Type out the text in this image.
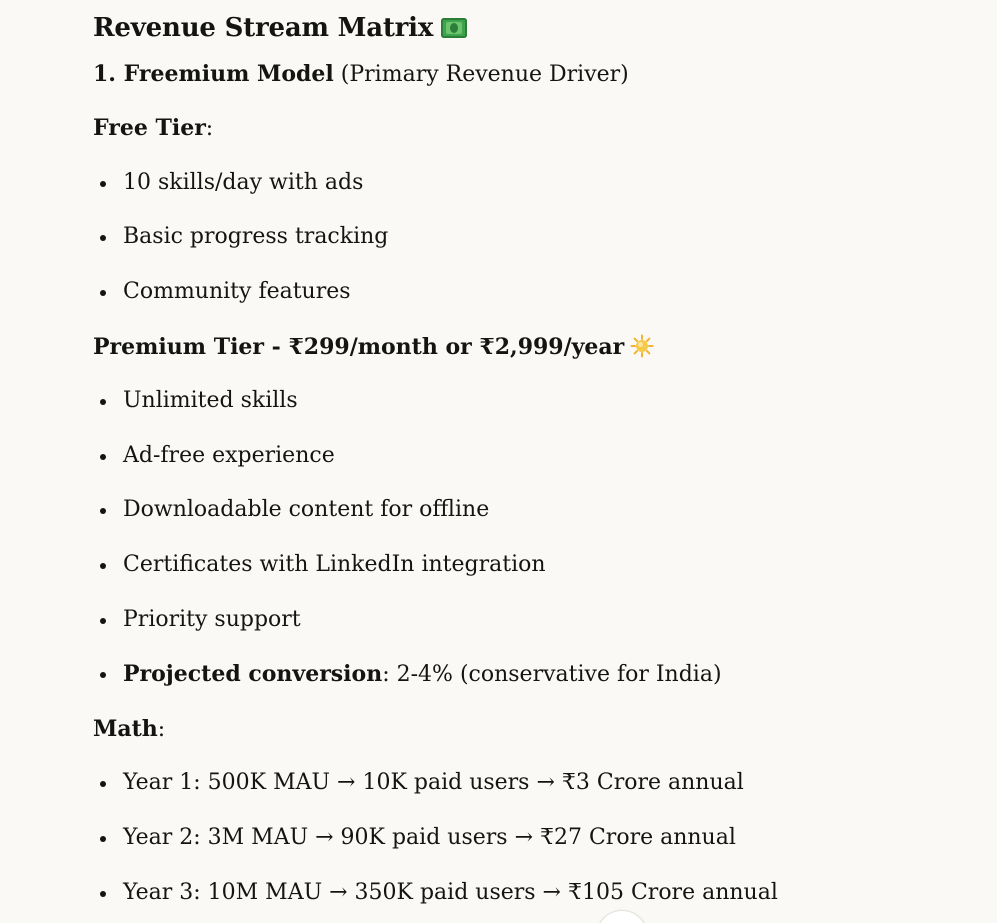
Revenue Stream Matrix
1. Freemium Model (Primary Revenue Driver)
Free Tier:
10 skills/day with ads
Basic progress tracking
Community features
Premium Tier - ₹299/month or ₹2,999/year
Unlimited skills
Ad-free experience
Downloadable content for offline
Certificates with LinkedIn integration
Priority support
Projected conversion: 2-4% (conservative for India)
Math:
Year 1: 500K MAU → 10K paid users → ₹3 Crore annual
Year 2: 3M MAU → 90K paid users → ₹27 Crore annual
Year 3: 10M MAU → 350K paid users → ₹105 Crore annual
